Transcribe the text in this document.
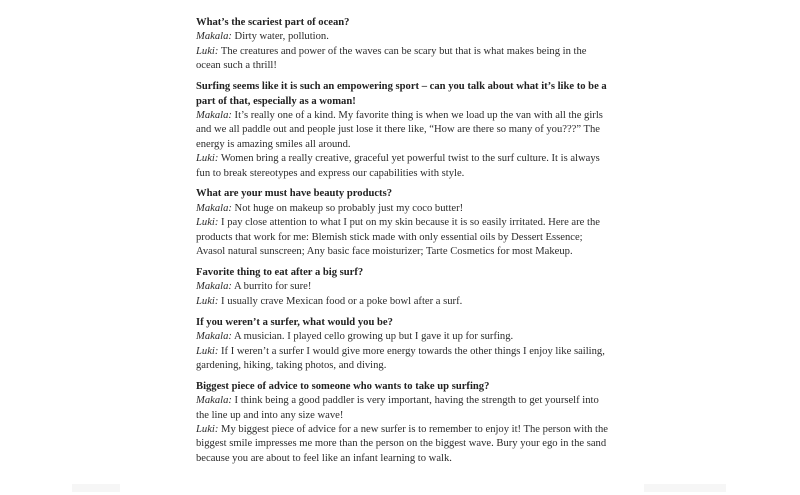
What’s the scariest part of ocean?

Makala: Dirty water, pollution.

Luki: The creatures and power of the waves can be scary but that is what makes being in the ocean such a thrill!

Surfing seems like it is such an empowering sport – can you talk about what it’s like to be a part of that, especially as a woman!

Makala: It’s really one of a kind. My favorite thing is when we load up the van with all the girls and we all paddle out and people just lose it there like, “How are there so many of you???” The energy is amazing smiles all around.

Luki: Women bring a really creative, graceful yet powerful twist to the surf culture. It is always fun to break stereotypes and express our capabilities with style.

What are your must have beauty products?

Makala: Not huge on makeup so probably just my coco butter!

Luki: I pay close attention to what I put on my skin because it is so easily irritated. Here are the products that work for me: Blemish stick made with only essential oils by Dessert Essence; Avasol natural sunscreen; Any basic face moisturizer; Tarte Cosmetics for most Makeup.

Favorite thing to eat after a big surf?

Makala: A burrito for sure!

Luki: I usually crave Mexican food or a poke bowl after a surf.

If you weren’t a surfer, what would you be?

Makala: A musician. I played cello growing up but I gave it up for surfing.

Luki: If I weren’t a surfer I would give more energy towards the other things I enjoy like sailing, gardening, hiking, taking photos, and diving.

Biggest piece of advice to someone who wants to take up surfing?

Makala: I think being a good paddler is very important, having the strength to get yourself into the line up and into any size wave!

Luki: My biggest piece of advice for a new surfer is to remember to enjoy it! The person with the biggest smile impresses me more than the person on the biggest wave. Bury your ego in the sand because you are about to feel like an infant learning to walk.
